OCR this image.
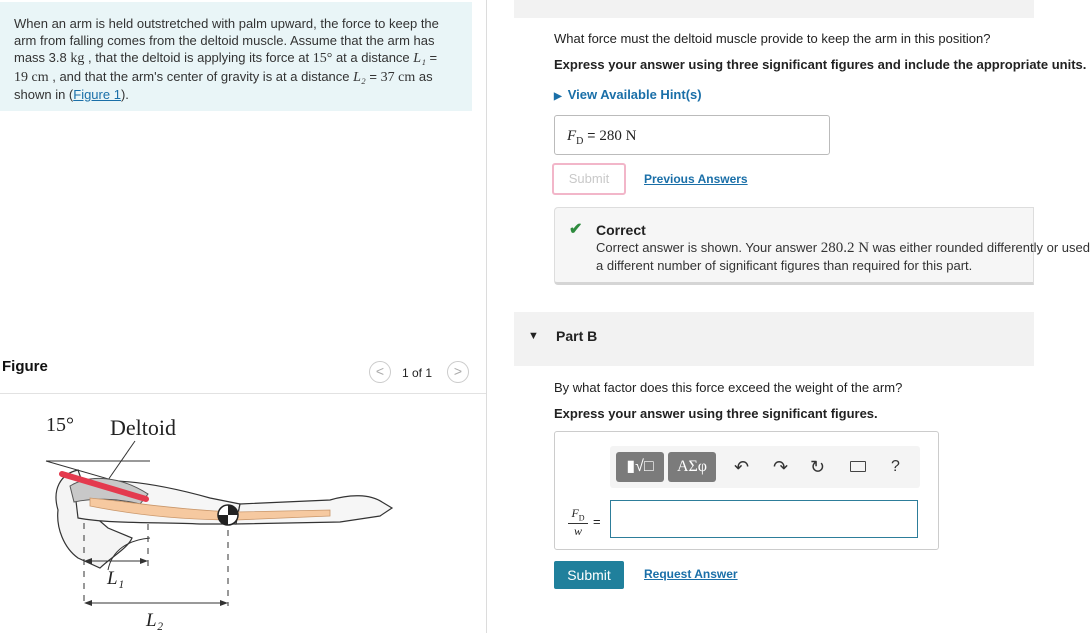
When an arm is held outstretched with palm upward, the force to keep the
arm from falling comes from the deltoid muscle. Assume that the arm has
mass 3.8 kg , that the deltoid is applying its force at 15° at a distance L₁ =
19 cm , and that the arm's center of gravity is at a distance L₂ = 37 cm as
shown in (Figure 1).
Figure	<	1 of 1	>
15° Deltoid
L₁
L₂
What force must the deltoid muscle provide to keep the arm in this position?
Express your answer using three significant figures and include the appropriate units.
▶ View Available Hint(s)
$F_D = 280$ N
Submit	Previous Answers
✔ Correct
Correct answer is shown. Your answer 280.2 N was either rounded differently or used
a different number of significant figures than required for this part.
▼ Part B
By what factor does this force exceed the weight of the arm?
Express your answer using three significant figures.
▮√□	ΑΣφ	↶ ↷ ↻	?
$\frac{F_D}{w}$ =
Submit	Request Answer
